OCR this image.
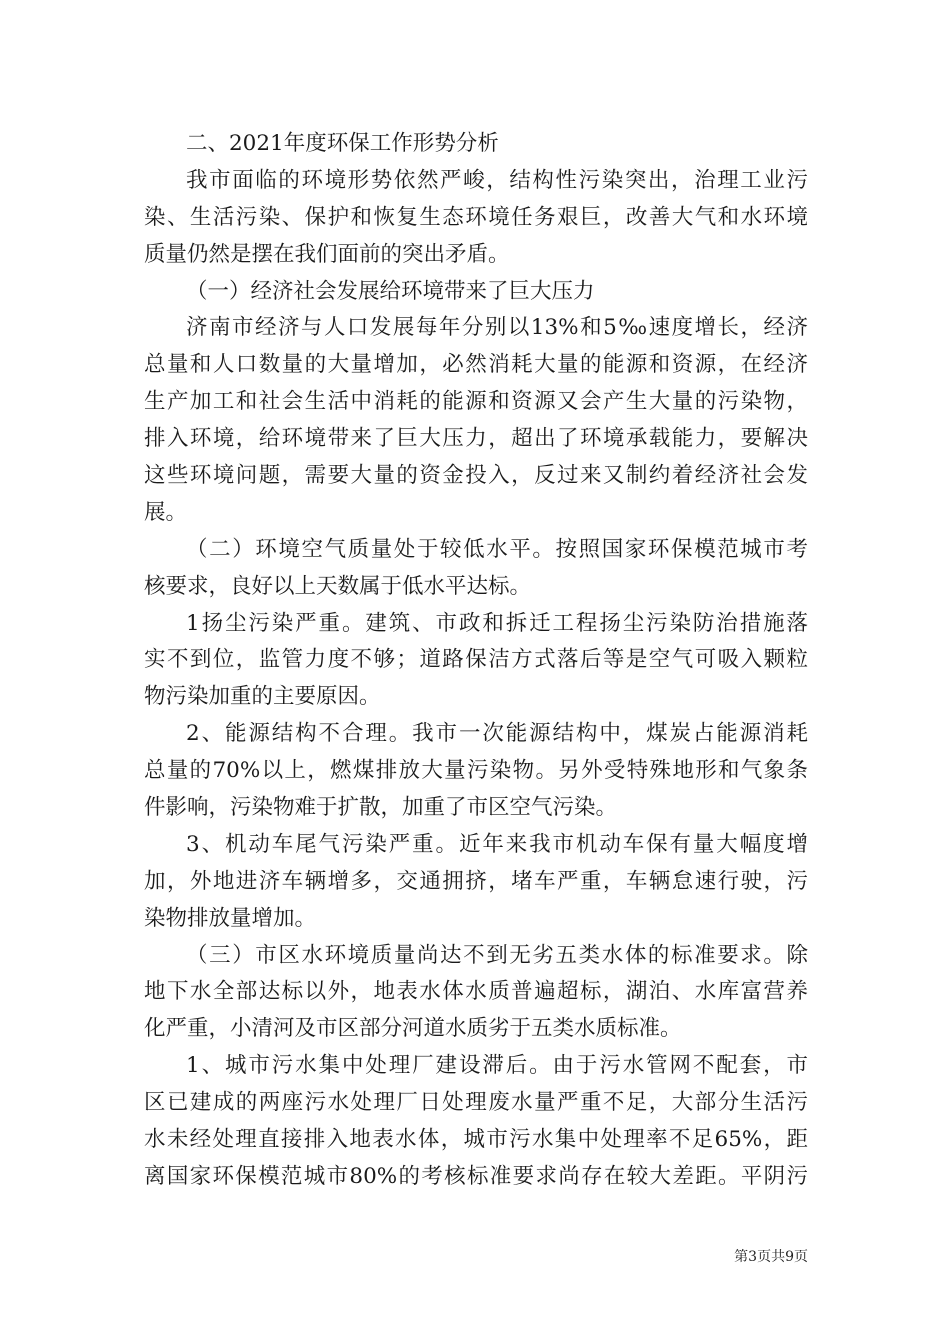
二、2021年度环保工作形势分析
我市面临的环境形势依然严峻，结构性污染突出，治理工业污
染、生活污染、保护和恢复生态环境任务艰巨，改善大气和水环境
质量仍然是摆在我们面前的突出矛盾。
（一）经济社会发展给环境带来了巨大压力
济南市经济与人口发展每年分别以13%和5‰速度增长，经济
总量和人口数量的大量增加，必然消耗大量的能源和资源，在经济
生产加工和社会生活中消耗的能源和资源又会产生大量的污染物，
排入环境，给环境带来了巨大压力，超出了环境承载能力，要解决
这些环境问题，需要大量的资金投入，反过来又制约着经济社会发
展。
（二）环境空气质量处于较低水平。按照国家环保模范城市考
核要求，良好以上天数属于低水平达标。
1扬尘污染严重。建筑、市政和拆迁工程扬尘污染防治措施落
实不到位，监管力度不够；道路保洁方式落后等是空气可吸入颗粒
物污染加重的主要原因。
2、能源结构不合理。我市一次能源结构中，煤炭占能源消耗
总量的70%以上，燃煤排放大量污染物。另外受特殊地形和气象条
件影响，污染物难于扩散，加重了市区空气污染。
3、机动车尾气污染严重。近年来我市机动车保有量大幅度增
加，外地进济车辆增多，交通拥挤，堵车严重，车辆怠速行驶，污
染物排放量增加。
（三）市区水环境质量尚达不到无劣五类水体的标准要求。除
地下水全部达标以外，地表水体水质普遍超标，湖泊、水库富营养
化严重，小清河及市区部分河道水质劣于五类水质标准。
1、城市污水集中处理厂建设滞后。由于污水管网不配套，市
区已建成的两座污水处理厂日处理废水量严重不足，大部分生活污
水未经处理直接排入地表水体，城市污水集中处理率不足65%，距
离国家环保模范城市80%的考核标准要求尚存在较大差距。平阴污
第3页共9页
